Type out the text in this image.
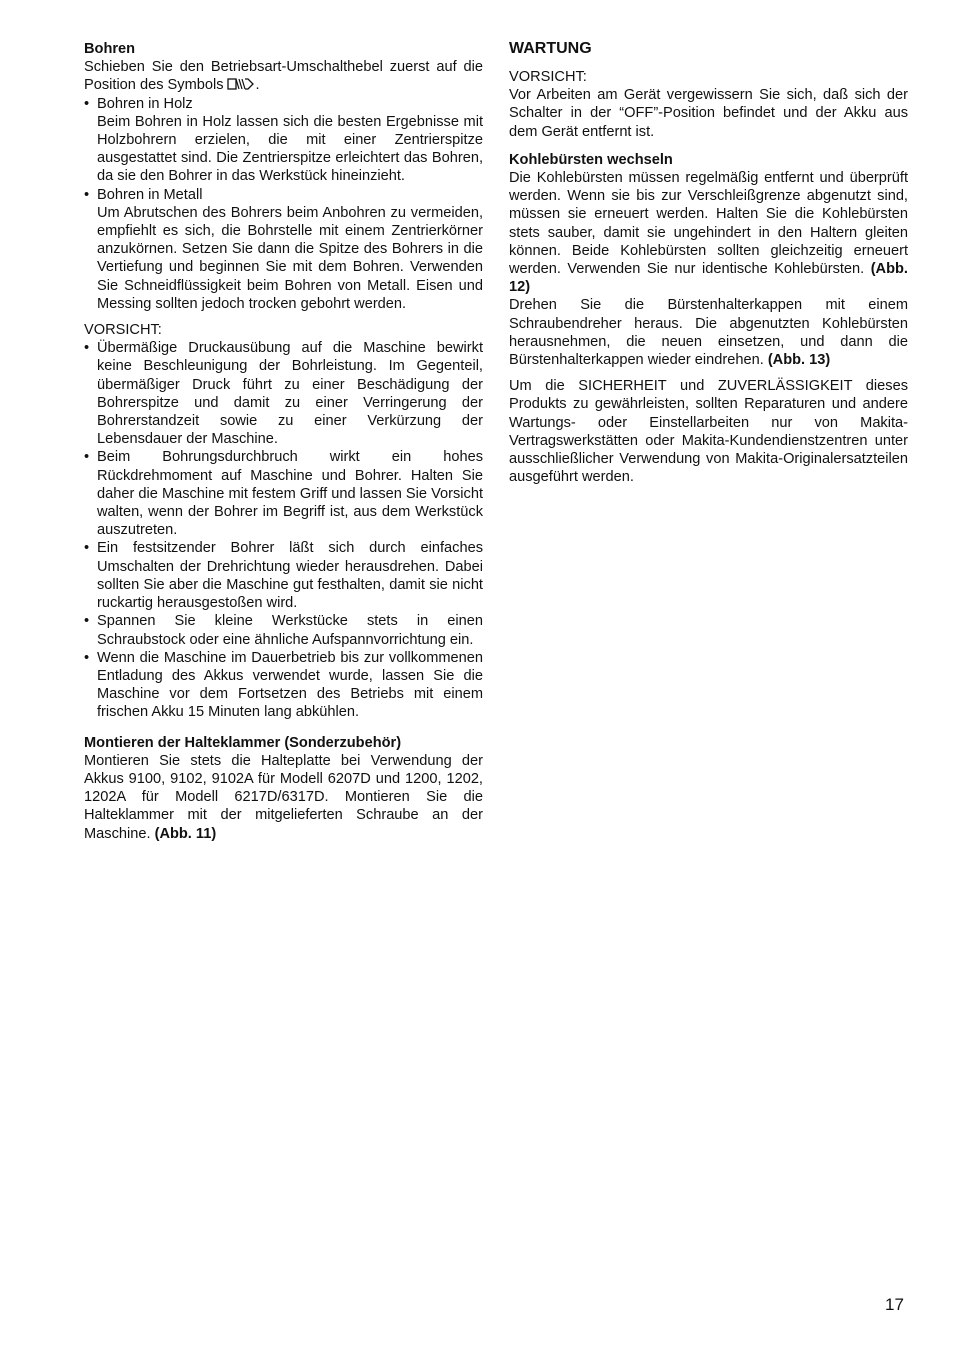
Bohren

Schieben Sie den Betriebsart-Umschalthebel zuerst auf die Position des Symbols .

• Bohren in Holz
Beim Bohren in Holz lassen sich die besten Ergebnisse mit Holzbohrern erzielen, die mit einer Zentrierspitze ausgestattet sind. Die Zentrierspitze erleichtert das Bohren, da sie den Bohrer in das Werkstück hineinzieht.
• Bohren in Metall
Um Abrutschen des Bohrers beim Anbohren zu vermeiden, empfiehlt es sich, die Bohrstelle mit einem Zentrierkörner anzukörnen. Setzen Sie dann die Spitze des Bohrers in die Vertiefung und beginnen Sie mit dem Bohren. Verwenden Sie Schneidflüssigkeit beim Bohren von Metall. Eisen und Messing sollten jedoch trocken gebohrt werden.

VORSICHT:

• Übermäßige Druckausübung auf die Maschine bewirkt keine Beschleunigung der Bohrleistung. Im Gegenteil, übermäßiger Druck führt zu einer Beschädigung der Bohrerspitze und damit zu einer Verringerung der Bohrerstandzeit sowie zu einer Verkürzung der Lebensdauer der Maschine.
• Beim Bohrungsdurchbruch wirkt ein hohes Rückdrehmoment auf Maschine und Bohrer. Halten Sie daher die Maschine mit festem Griff und lassen Sie Vorsicht walten, wenn der Bohrer im Begriff ist, aus dem Werkstück auszutreten.
• Ein festsitzender Bohrer läßt sich durch einfaches Umschalten der Drehrichtung wieder herausdrehen. Dabei sollten Sie aber die Maschine gut festhalten, damit sie nicht ruckartig herausgestoßen wird.
• Spannen Sie kleine Werkstücke stets in einen Schraubstock oder eine ähnliche Aufspannvorrichtung ein.
• Wenn die Maschine im Dauerbetrieb bis zur vollkommenen Entladung des Akkus verwendet wurde, lassen Sie die Maschine vor dem Fortsetzen des Betriebs mit einem frischen Akku 15 Minuten lang abkühlen.
Montieren der Halteklammer (Sonderzubehör)

Montieren Sie stets die Halteplatte bei Verwendung der Akkus 9100, 9102, 9102A für Modell 6207D und 1200, 1202, 1202A für Modell 6217D/6317D. Montieren Sie die Halteklammer mit der mitgelieferten Schraube an der Maschine. (Abb. 11)

WARTUNG

VORSICHT:

Vor Arbeiten am Gerät vergewissern Sie sich, daß sich der Schalter in der “OFF”-Position befindet und der Akku aus dem Gerät entfernt ist.

Kohlebürsten wechseln

Die Kohlebürsten müssen regelmäßig entfernt und überprüft werden. Wenn sie bis zur Verschleißgrenze abgenutzt sind, müssen sie erneuert werden. Halten Sie die Kohlebürsten stets sauber, damit sie ungehindert in den Haltern gleiten können. Beide Kohlebürsten sollten gleichzeitig erneuert werden. Verwenden Sie nur identische Kohlebürsten. (Abb. 12)

Drehen Sie die Bürstenhalterkappen mit einem Schraubendreher heraus. Die abgenutzten Kohlebürsten herausnehmen, die neuen einsetzen, und dann die Bürstenhalterkappen wieder eindrehen. (Abb. 13)

Um die SICHERHEIT und ZUVERLÄSSIGKEIT dieses Produkts zu gewährleisten, sollten Reparaturen und andere Wartungs- oder Einstellarbeiten nur von Makita-Vertragswerkstätten oder Makita-Kundendienstzentren unter ausschließlicher Verwendung von Makita-Originalersatzteilen ausgeführt werden.

17
